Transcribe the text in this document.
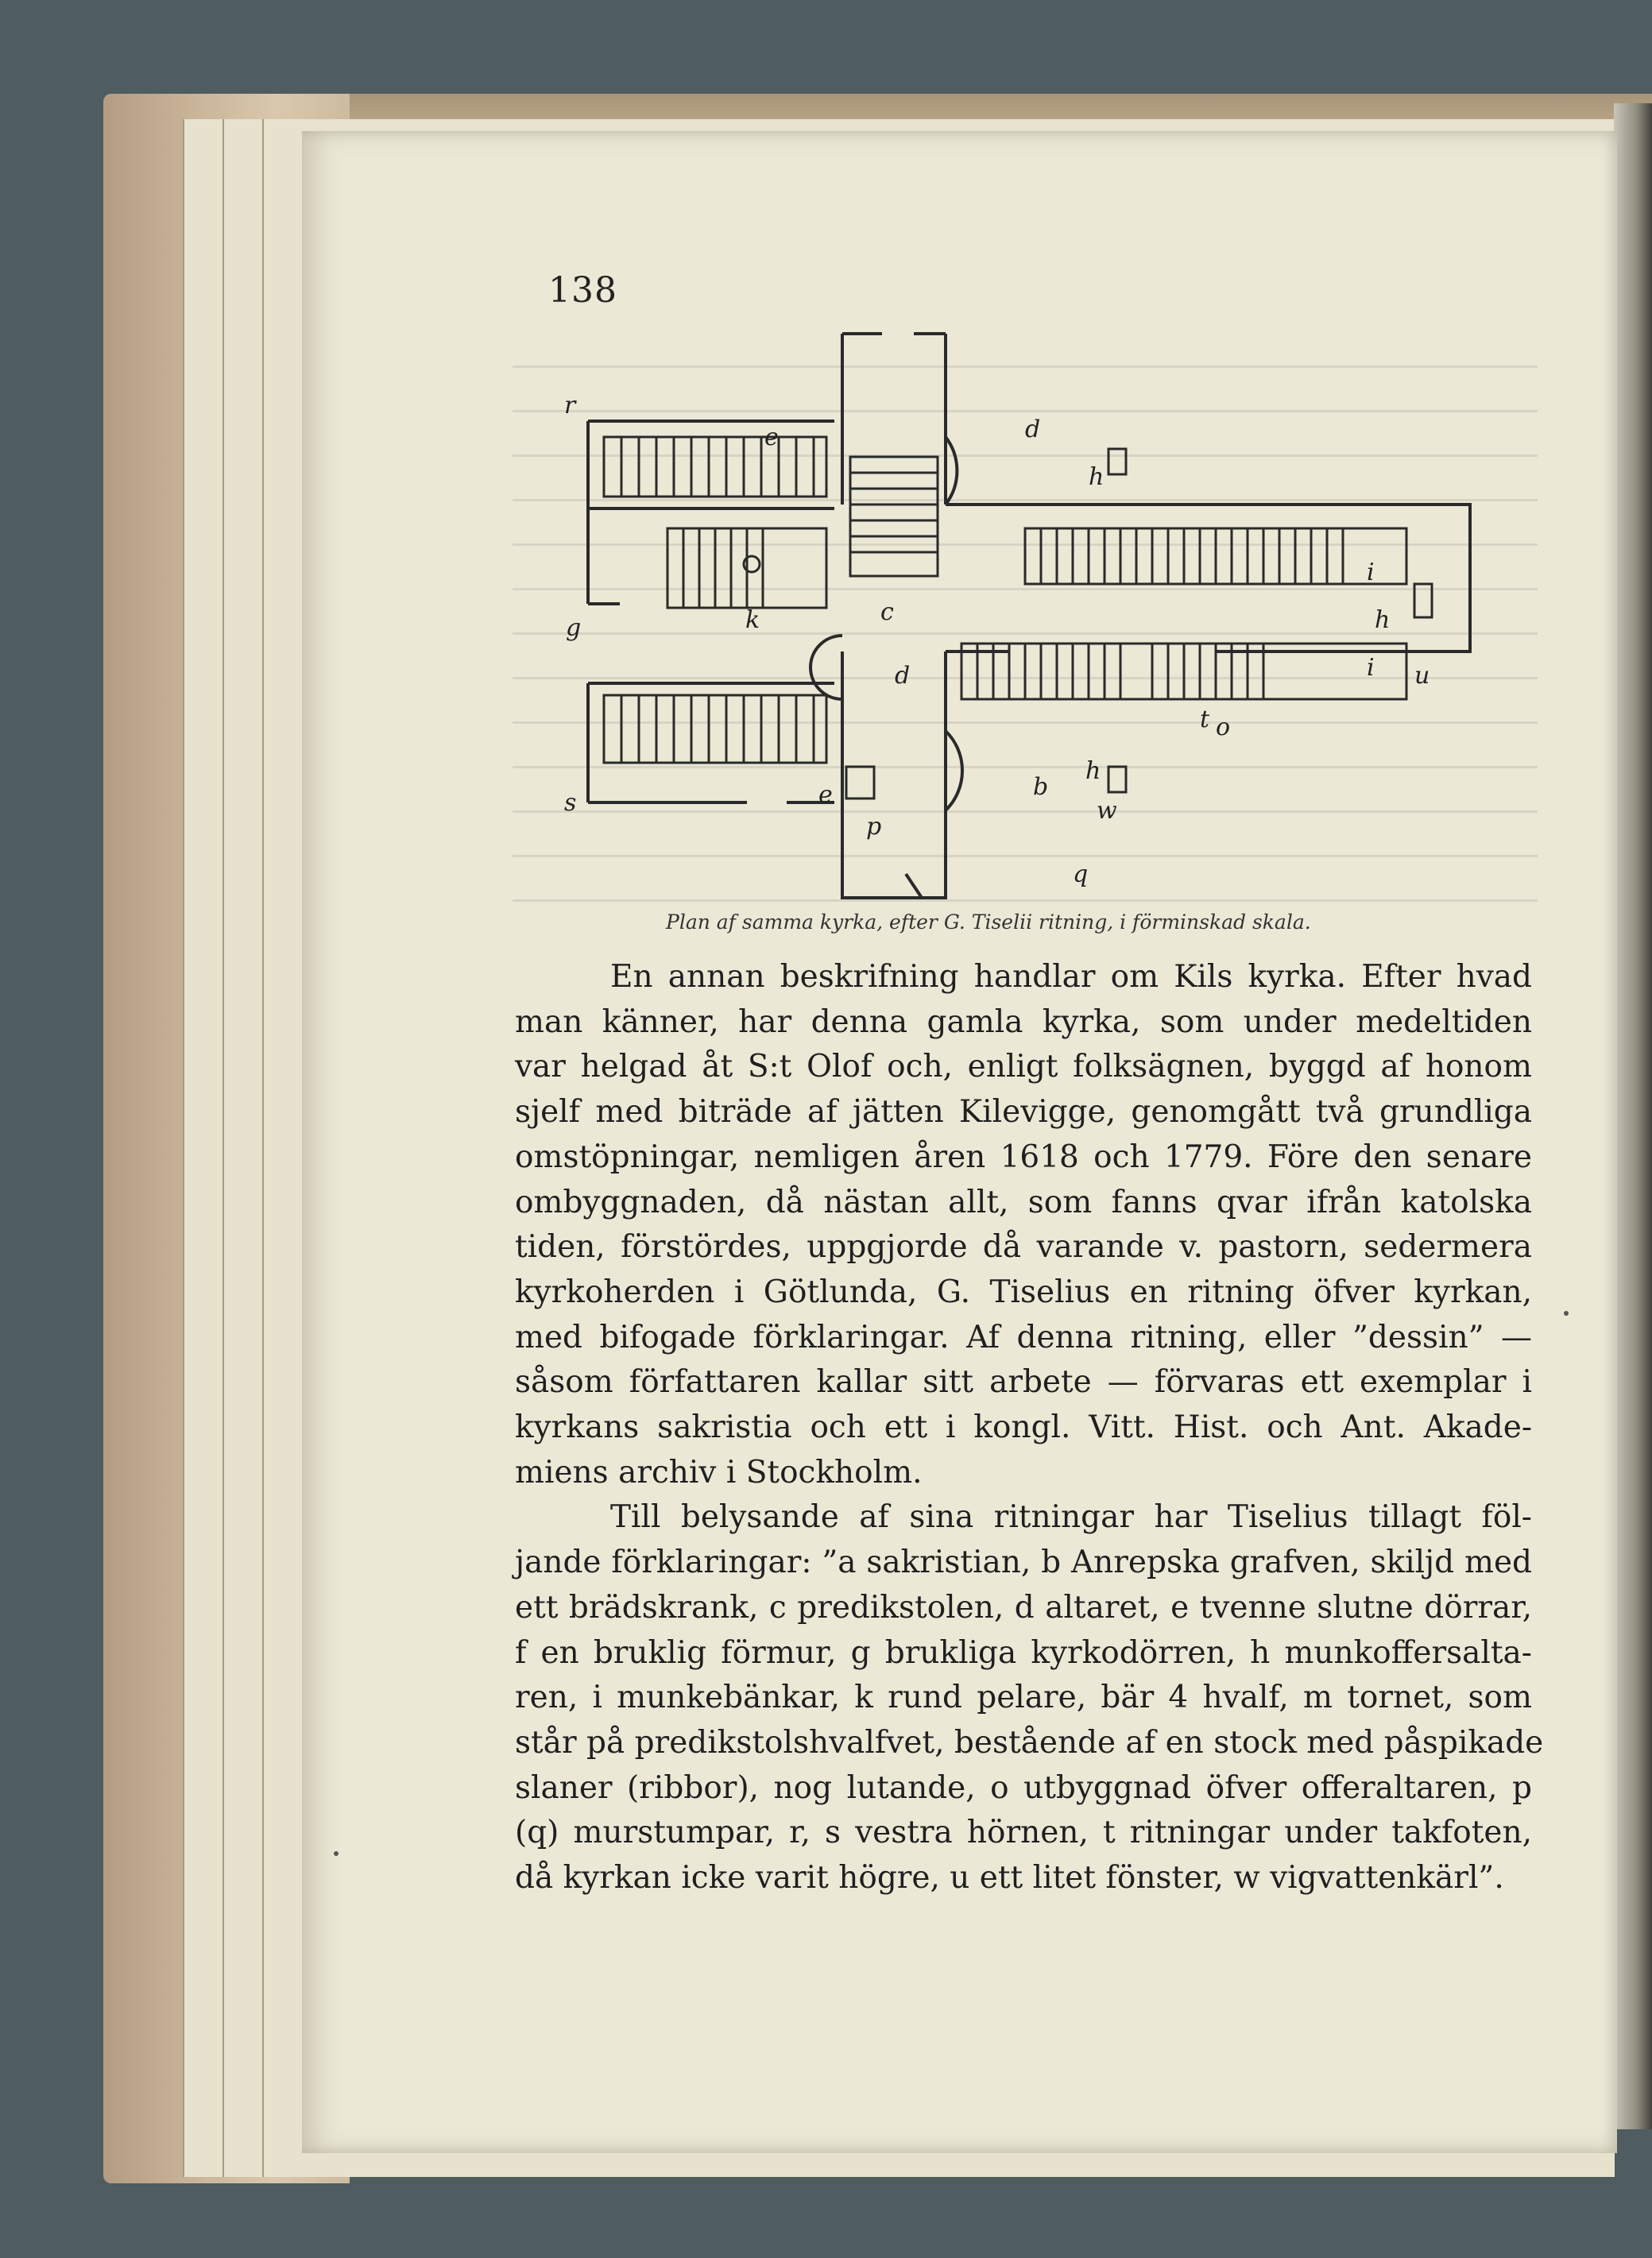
138
r
e	d
h
i
c
g	k	h
d
t o
i u
s	e
p
b
h
w
q
Plan af samma kyrka, efter G. Tiselii ritning, i förminskad skala.

En annan beskrifning handlar om Kils kyrka. Efter hvad
man känner, har denna gamla kyrka, som under medeltiden
var helgad åt S:t Olof och, enligt folksägnen, byggd af honom
sjelf med biträde af jätten Kilevigge, genomgått två grundliga
omstöpningar, nemligen åren 1618 och 1779. Före den senare
ombyggnaden, då nästan allt, som fanns qvar ifrån katolska
tiden, förstördes, uppgjorde då varande v. pastorn, sedermera
kyrkoherden i Götlunda, G. Tiselius en ritning öfver kyrkan,
med bifogade förklaringar. Af denna ritning, eller ”dessin” —
såsom författaren kallar sitt arbete — förvaras ett exemplar i
kyrkans sakristia och ett i kongl. Vitt. Hist. och Ant. Akade-
miens archiv i Stockholm.

Till belysande af sina ritningar har Tiselius tillagt föl-
jande förklaringar: ”a sakristian, b Anrepska grafven, skiljd med
ett brädskrank, c predikstolen, d altaret, e tvenne slutne dörrar,
f en bruklig förmur, g brukliga kyrkodörren, h munkoffersalta-
ren, i munkebänkar, k rund pelare, bär 4 hvalf, m tornet, som
står på predikstolshvalfvet, bestående af en stock med påspikade
slaner (ribbor), nog lutande, o utbyggnad öfver offeraltaren, p
(q) murstumpar, r, s vestra hörnen, t ritningar under takfoten,
då kyrkan icke varit högre, u ett litet fönster, w vigvattenkärl”.
